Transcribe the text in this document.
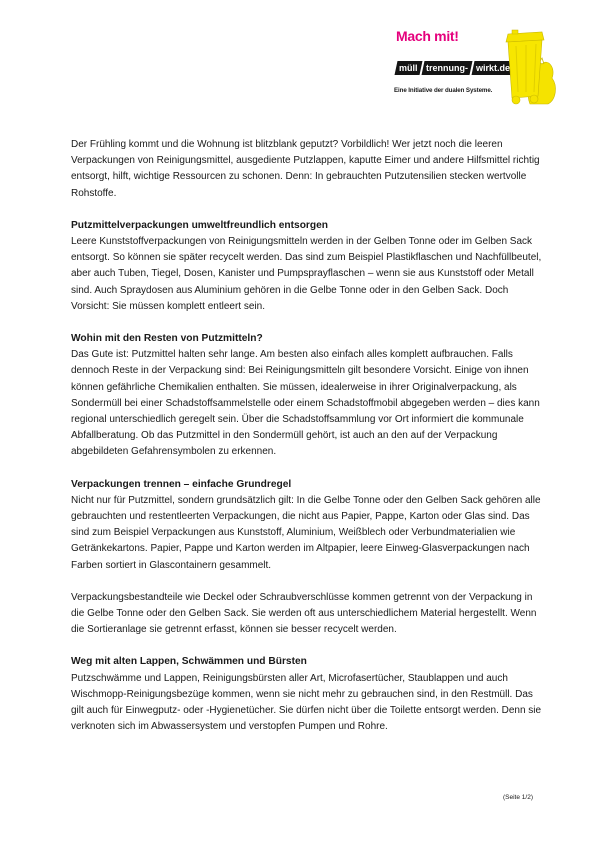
Mach mit!
müll trennung- wirkt.de
Eine Initiative der dualen Systeme.

Der Frühling kommt und die Wohnung ist blitzblank geputzt? Vorbildlich! Wer jetzt noch die leeren Verpackungen von Reinigungsmittel, ausgediente Putzlappen, kaputte Eimer und andere Hilfsmittel richtig entsorgt, hilft, wichtige Ressourcen zu schonen. Denn: In gebrauchten Putzutensilien stecken wertvolle Rohstoffe.

Putzmittelverpackungen umweltfreundlich entsorgen

Leere Kunststoffverpackungen von Reinigungsmitteln werden in der Gelben Tonne oder im Gelben Sack entsorgt. So können sie später recycelt werden. Das sind zum Beispiel Plastikflaschen und Nachfüllbeutel, aber auch Tuben, Tiegel, Dosen, Kanister und Pumpsprayflaschen – wenn sie aus Kunststoff oder Metall sind. Auch Spraydosen aus Aluminium gehören in die Gelbe Tonne oder in den Gelben Sack. Doch Vorsicht: Sie müssen komplett entleert sein.

Wohin mit den Resten von Putzmitteln?

Das Gute ist: Putzmittel halten sehr lange. Am besten also einfach alles komplett aufbrauchen. Falls dennoch Reste in der Verpackung sind: Bei Reinigungsmitteln gilt besondere Vorsicht. Einige von ihnen können gefährliche Chemikalien enthalten. Sie müssen, idealerweise in ihrer Originalverpackung, als Sondermüll bei einer Schadstoffsammelstelle oder einem Schadstoffmobil abgegeben werden – dies kann regional unterschiedlich geregelt sein. Über die Schadstoffsammlung vor Ort informiert die kommunale Abfallberatung. Ob das Putzmittel in den Sondermüll gehört, ist auch an den auf der Verpackung abgebildeten Gefahrensymbolen zu erkennen.

Verpackungen trennen – einfache Grundregel

Nicht nur für Putzmittel, sondern grundsätzlich gilt: In die Gelbe Tonne oder den Gelben Sack gehören alle gebrauchten und restentleerten Verpackungen, die nicht aus Papier, Pappe, Karton oder Glas sind. Das sind zum Beispiel Verpackungen aus Kunststoff, Aluminium, Weißblech oder Verbundmaterialien wie Getränkekartons. Papier, Pappe und Karton werden im Altpapier, leere Einweg-Glasverpackungen nach Farben sortiert in Glascontainern gesammelt.

Verpackungsbestandteile wie Deckel oder Schraubverschlüsse kommen getrennt von der Verpackung in die Gelbe Tonne oder den Gelben Sack. Sie werden oft aus unterschiedlichem Material hergestellt. Wenn die Sortieranlage sie getrennt erfasst, können sie besser recycelt werden.

Weg mit alten Lappen, Schwämmen und Bürsten

Putzschwämme und Lappen, Reinigungsbürsten aller Art, Microfasertücher, Staublappen und auch Wischmopp-Reinigungsbezüge kommen, wenn sie nicht mehr zu gebrauchen sind, in den Restmüll. Das gilt auch für Einwegputz- oder -Hygienetücher. Sie dürfen nicht über die Toilette entsorgt werden. Denn sie verknoten sich im Abwassersystem und verstopfen Pumpen und Rohre.

(Seite 1/2)
